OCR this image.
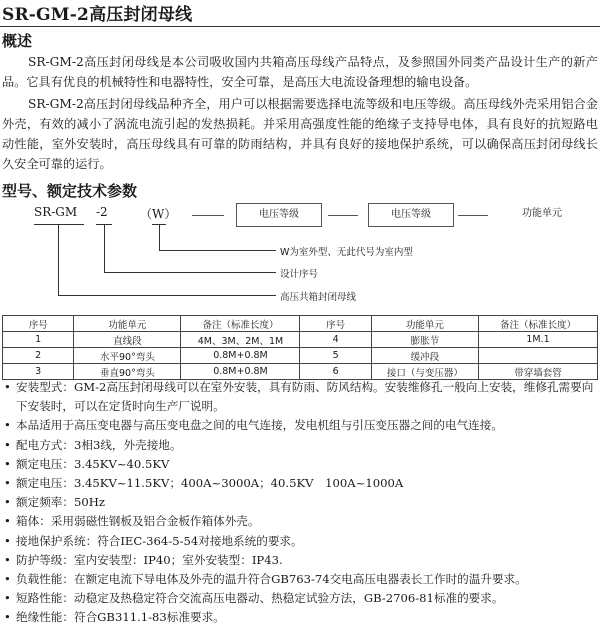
SR-GM-2高压封闭母线
概述
SR-GM-2高压封闭母线是本公司吸收国内共箱高压母线产品特点，及参照国外同类产品设计生产的新产品。它具有优良的机械特性和电器特性，安全可靠，是高压大电流设备理想的输电设备。
SR-GM-2高压封闭母线品种齐全，用户可以根据需要选择电流等级和电压等级。高压母线外壳采用铝合金外壳，有效的减小了涡流电流引起的发热损耗。并采用高强度性能的绝缘子支持导电体，具有良好的抗短路电动性能，室外安装时，高压母线具有可靠的防雨结构，并具有良好的接地保护系统，可以确保高压封闭母线长久安全可靠的运行。
型号、额定技术参数
SR-GM -2	（W）	电压等级	电压等级	功能单元
W为室外型、无此代号为室内型
设计序号
高压共箱封闭母线
序号	功能单元	备注（标准长度）	序号	功能单元	备注（标准长度）
1	直线段	4M、3M、2M、1M	4	膨胀节	1M.1
2	水平90°弯头	0.8M+0.8M	5	缓冲段	
3	垂直90°弯头	0.8M+0.8M	6	接口（与变压器）	带穿墙套管
• 安装型式：GM-2高压封闭母线可以在室外安装，具有防雨、防风结构。安装维修孔一般向上安装，维修孔需要向下安装时，可以在定货时向生产厂说明。
• 本品适用于高压变电器与高压变电盘之间的电气连接，发电机组与引压变压器之间的电气连接。
• 配电方式：3相3线，外壳接地。
• 额定电压：3.45KV~40.5KV
• 额定电压：3.45KV~11.5KV；400A~3000A；40.5KV　100A~1000A
• 额定频率：50Hz
• 箱体：采用弱磁性钢板及铝合金板作箱体外壳。
• 接地保护系统：符合IEC-364-5-54对接地系统的要求。
• 防护等级：室内安装型：IP40；室外安装型：IP43.
• 负载性能：在额定电流下导电体及外壳的温升符合GB763-74交电高压电器表长工作时的温升要求。
• 短路性能：动稳定及热稳定符合交流高压电器动、热稳定试验方法，GB-2706-81标准的要求。
• 绝缘性能：符合GB311.1-83标准要求。
